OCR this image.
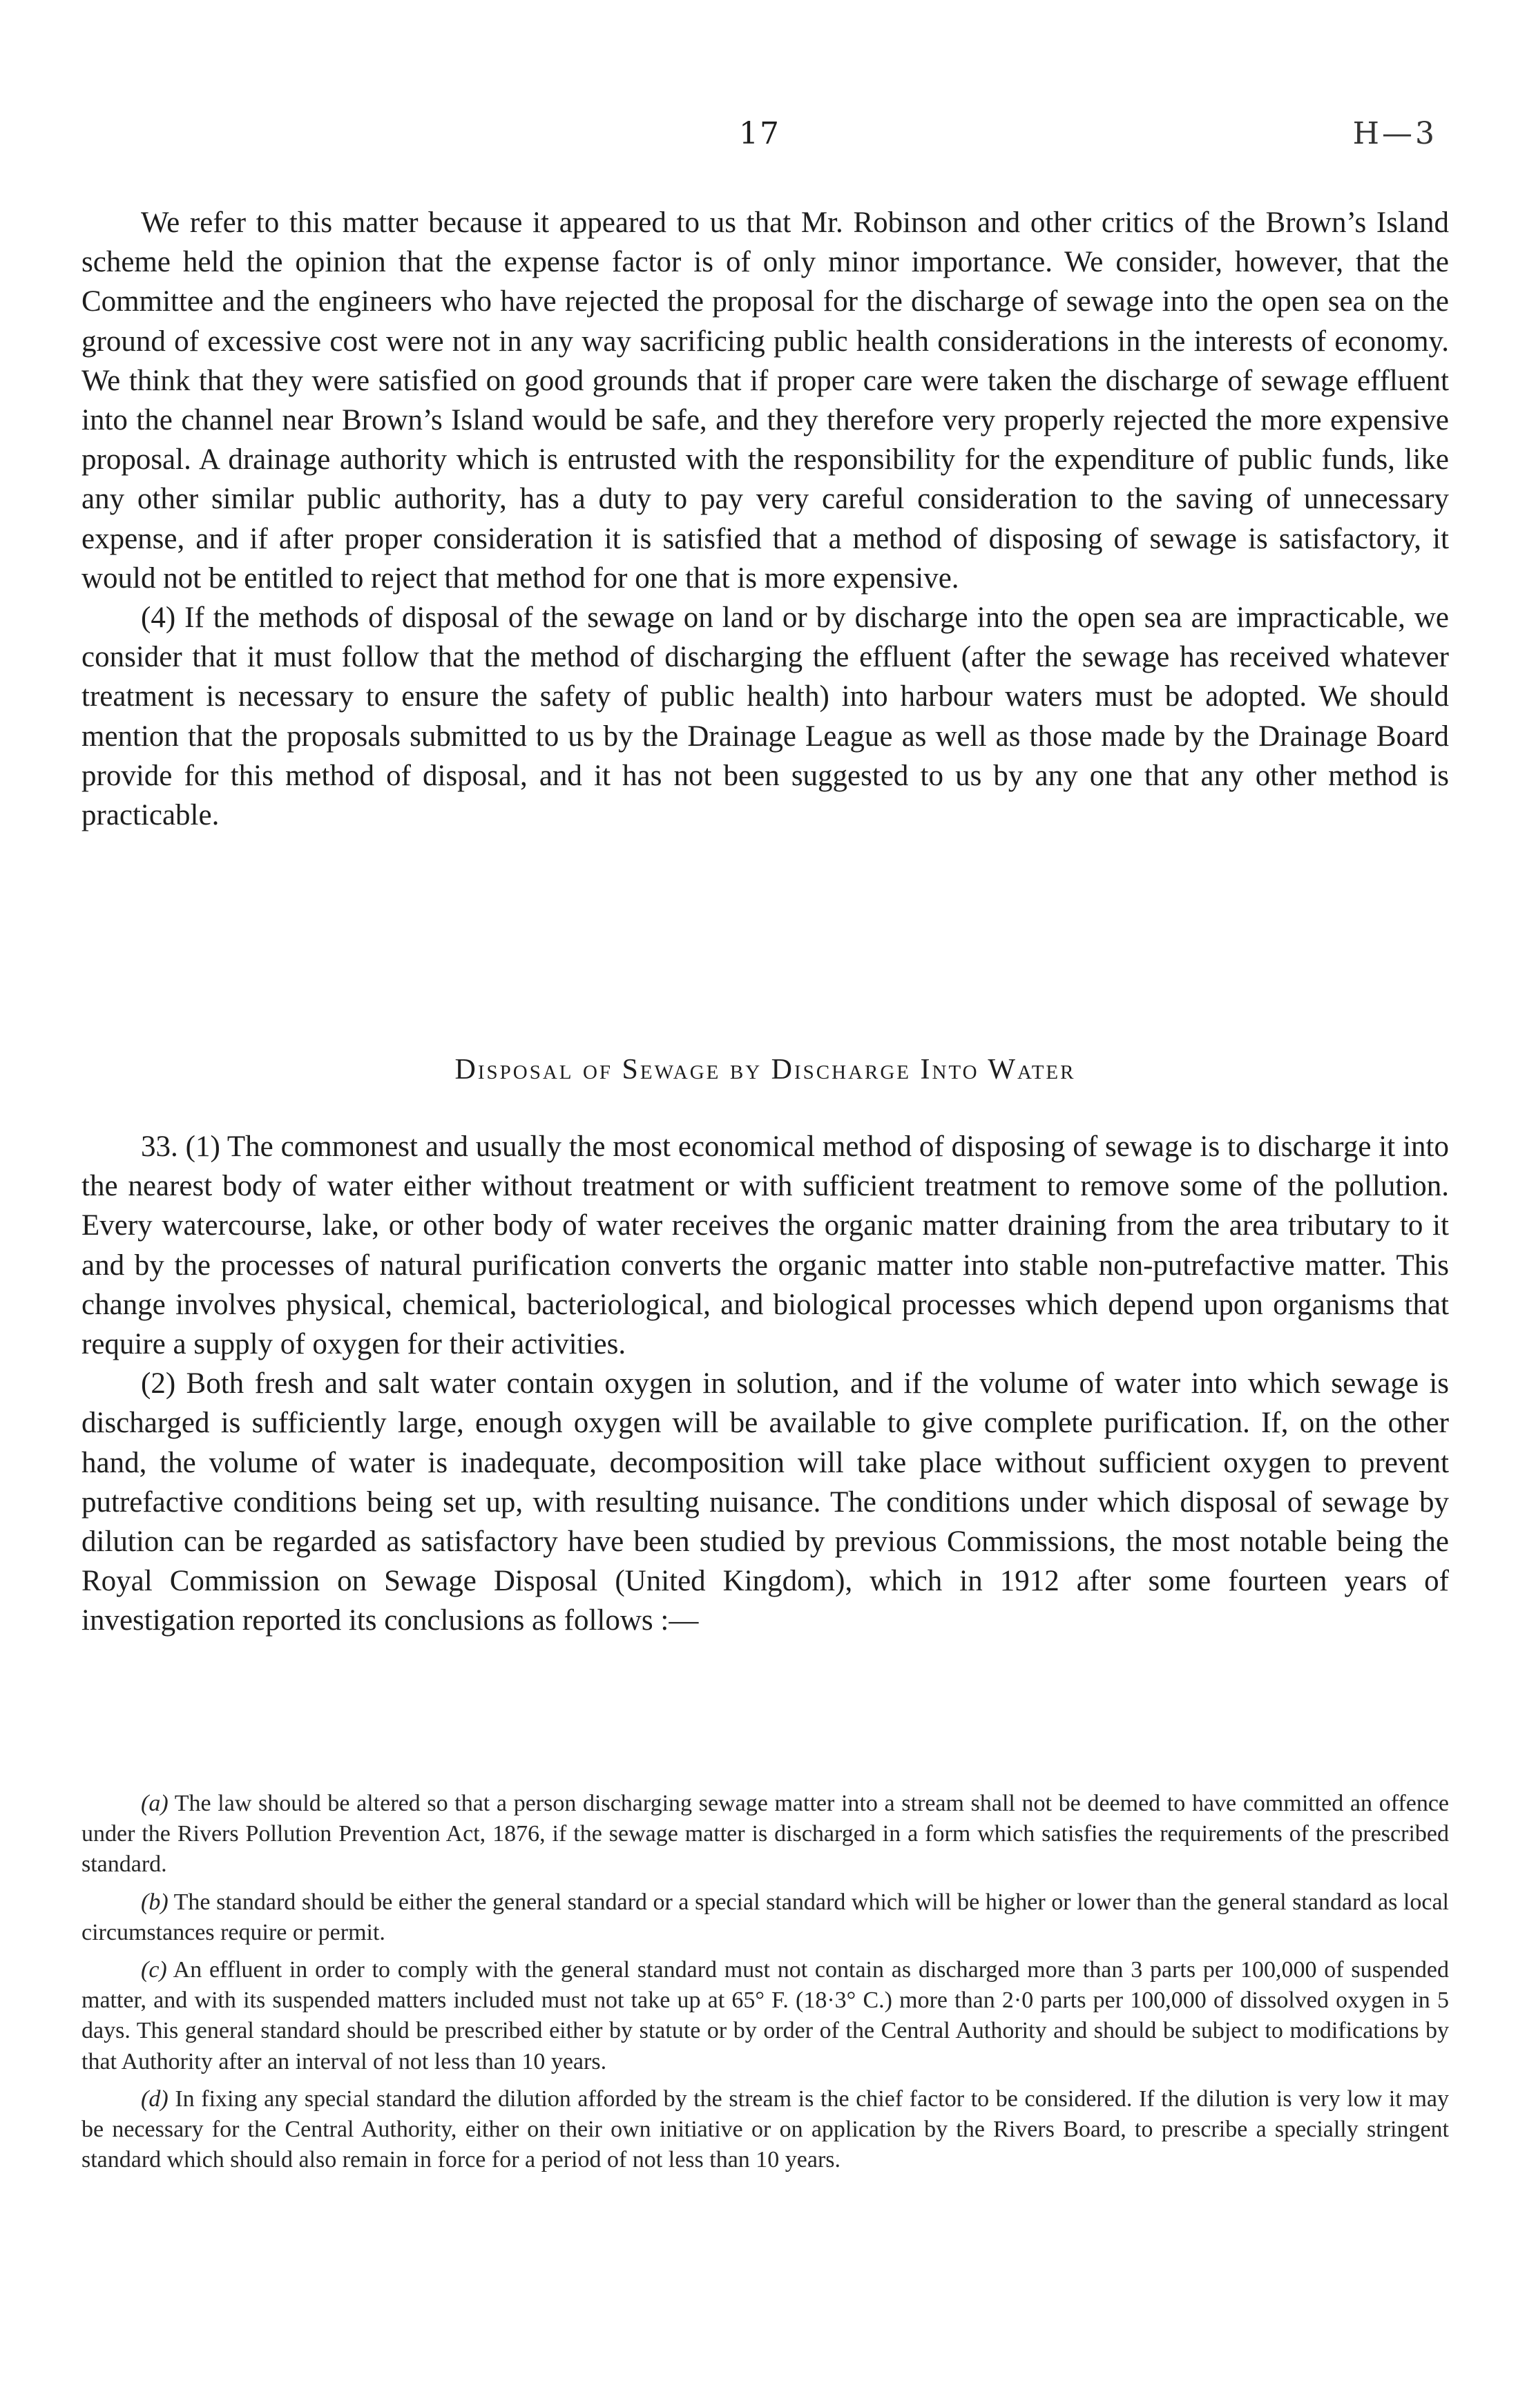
17	H—3

We refer to this matter because it appeared to us that Mr. Robinson and other critics of the Brown’s Island scheme held the opinion that the expense factor is of only minor importance. We consider, however, that the Committee and the engineers who have rejected the proposal for the discharge of sewage into the open sea on the ground of excessive cost were not in any way sacrificing public health considerations in the interests of economy. We think that they were satisfied on good grounds that if proper care were taken the discharge of sewage effluent into the channel near Brown’s Island would be safe, and they therefore very properly rejected the more expensive proposal. A drainage authority which is entrusted with the responsibility for the expenditure of public funds, like any other similar public authority, has a duty to pay very careful consideration to the saving of unnecessary expense, and if after proper consideration it is satisfied that a method of disposing of sewage is satisfactory, it would not be entitled to reject that method for one that is more expensive.

(4) If the methods of disposal of the sewage on land or by discharge into the open sea are impracticable, we consider that it must follow that the method of discharging the effluent (after the sewage has received whatever treatment is necessary to ensure the safety of public health) into harbour waters must be adopted. We should mention that the proposals submitted to us by the Drainage League as well as those made by the Drainage Board provide for this method of disposal, and it has not been suggested to us by any one that any other method is practicable.

Disposal of Sewage by Discharge Into Water

33. (1) The commonest and usually the most economical method of disposing of sewage is to discharge it into the nearest body of water either without treatment or with sufficient treatment to remove some of the pollution. Every watercourse, lake, or other body of water receives the organic matter draining from the area tributary to it and by the processes of natural purification converts the organic matter into stable non-putrefactive matter. This change involves physical, chemical, bacteriological, and biological processes which depend upon organisms that require a supply of oxygen for their activities.

(2) Both fresh and salt water contain oxygen in solution, and if the volume of water into which sewage is discharged is sufficiently large, enough oxygen will be available to give complete purification. If, on the other hand, the volume of water is inadequate, decomposition will take place without sufficient oxygen to prevent putrefactive conditions being set up, with resulting nuisance. The conditions under which disposal of sewage by dilution can be regarded as satisfactory have been studied by previous Commissions, the most notable being the Royal Commission on Sewage Disposal (United Kingdom), which in 1912 after some fourteen years of investigation reported its conclusions as follows :—

(a) The law should be altered so that a person discharging sewage matter into a stream shall not be deemed to have committed an offence under the Rivers Pollution Prevention Act, 1876, if the sewage matter is discharged in a form which satisfies the requirements of the prescribed standard.

(b) The standard should be either the general standard or a special standard which will be higher or lower than the general standard as local circumstances require or permit.

(c) An effluent in order to comply with the general standard must not contain as discharged more than 3 parts per 100,000 of suspended matter, and with its suspended matters included must not take up at 65° F. (18·3° C.) more than 2·0 parts per 100,000 of dissolved oxygen in 5 days. This general standard should be prescribed either by statute or by order of the Central Authority and should be subject to modifications by that Authority after an interval of not less than 10 years.

(d) In fixing any special standard the dilution afforded by the stream is the chief factor to be considered. If the dilution is very low it may be necessary for the Central Authority, either on their own initiative or on application by the Rivers Board, to prescribe a specially stringent standard which should also remain in force for a period of not less than 10 years.
